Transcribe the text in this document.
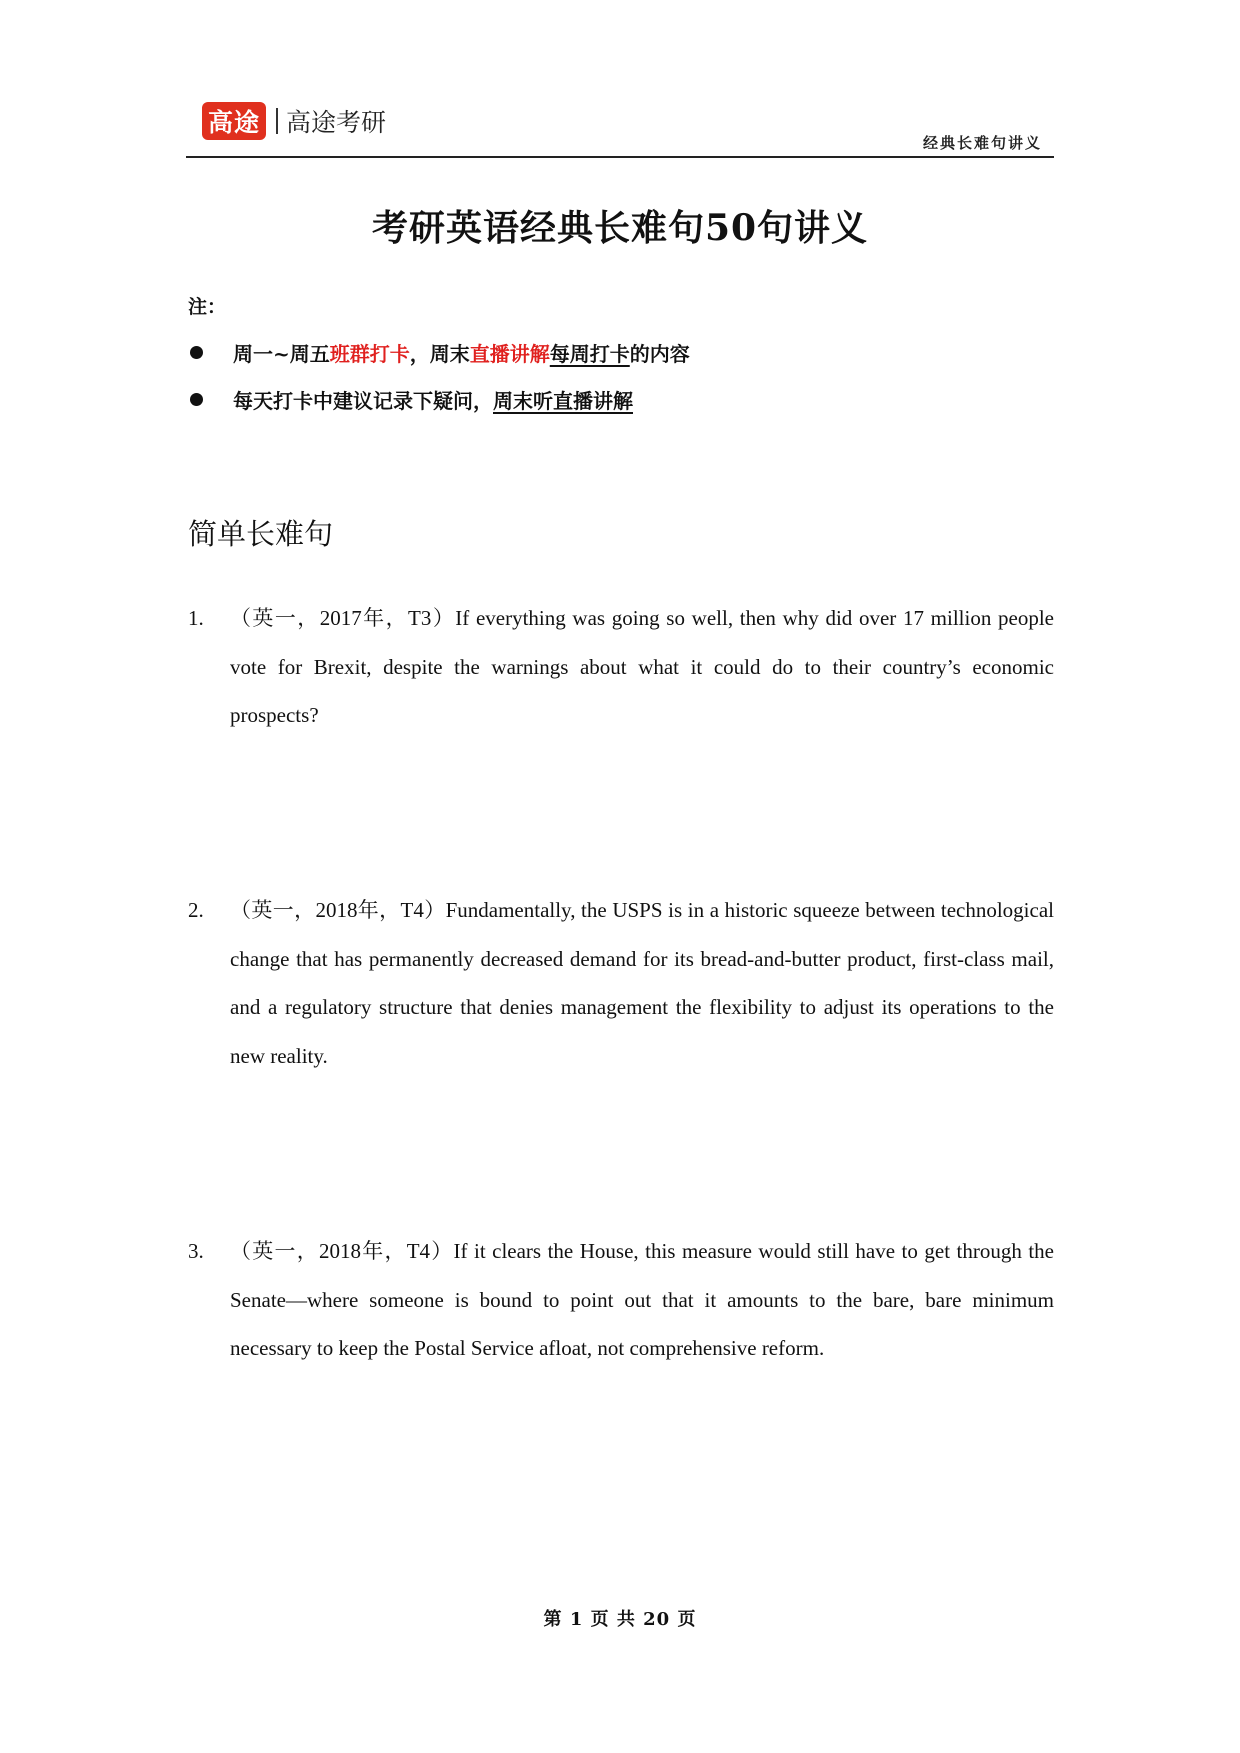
高途 高途考研
经典长难句讲义
考研英语经典长难句50句讲义
注：
周一~周五 班群打卡 ，周末 直播讲解 每周打卡 的内容
每天打卡中建议记录下疑问， 周末听直播讲解
简单长难句
1. （英一，2017年，T3）If everything was going so well, then why did over 17 million people vote for Brexit, despite the warnings about what it could do to their country’s economic prospects?
2. （英一，2018年，T4）Fundamentally, the USPS is in a historic squeeze between technological change that has permanently decreased demand for its bread-and-butter product, first-class mail, and a regulatory structure that denies management the flexibility to adjust its operations to the new reality.
3. （英一，2018年，T4）If it clears the House, this measure would still have to get through the Senate—where someone is bound to point out that it amounts to the bare, bare minimum necessary to keep the Postal Service afloat, not comprehensive reform.
第 1 页 共 20 页
